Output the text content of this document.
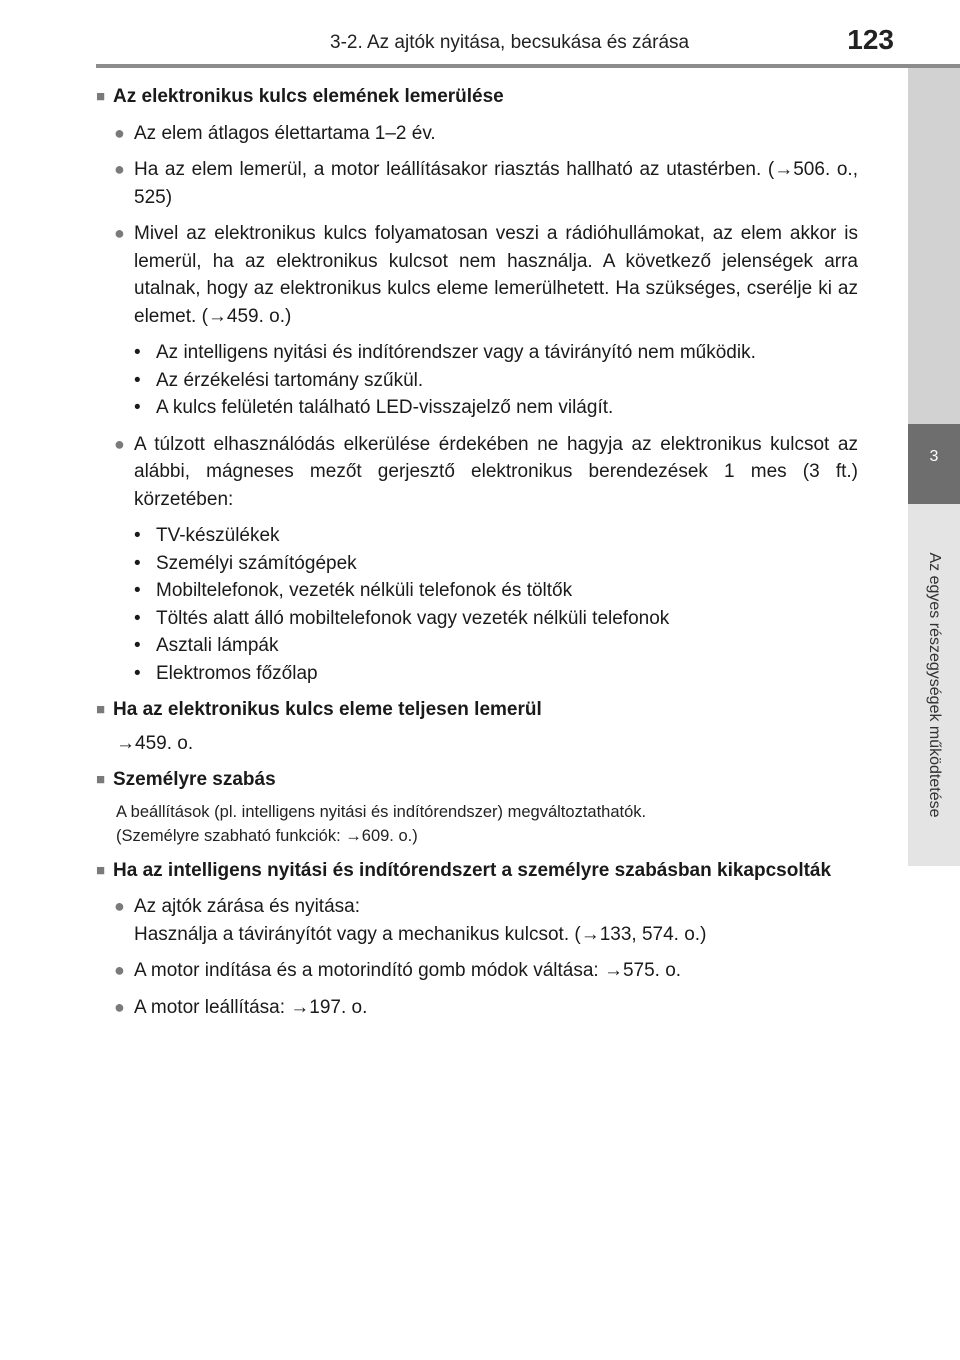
3-2. Az ajtók nyitása, becsukása és zárása	123
3
Az egyes részegységek működtetése
■ Az elektronikus kulcs elemének lemerülése
● Az elem átlagos élettartama 1–2 év.
● Ha az elem lemerül, a motor leállításakor riasztás hallható az utastérben. (→506. o., 525)
● Mivel az elektronikus kulcs folyamatosan veszi a rádióhullámokat, az elem akkor is lemerül, ha az elektronikus kulcsot nem használja. A következő jelenségek arra utalnak, hogy az elektronikus kulcs eleme lemerülhetett. Ha szükséges, cserélje ki az elemet. (→459. o.)
• Az intelligens nyitási és indítórendszer vagy a távirányító nem működik.
• Az érzékelési tartomány szűkül.
• A kulcs felületén található LED-visszajelző nem világít.
● A túlzott elhasználódás elkerülése érdekében ne hagyja az elektronikus kulcsot az alábbi, mágneses mezőt gerjesztő elektronikus berendezések 1 mes (3 ft.) körzetében:
• TV-készülékek
• Személyi számítógépek
• Mobiltelefonok, vezeték nélküli telefonok és töltők
• Töltés alatt álló mobiltelefonok vagy vezeték nélküli telefonok
• Asztali lámpák
• Elektromos főzőlap
■ Ha az elektronikus kulcs eleme teljesen lemerül
→459. o.
■ Személyre szabás
A beállítások (pl. intelligens nyitási és indítórendszer) megváltoztathatók.
(Személyre szabható funkciók: →609. o.)
■ Ha az intelligens nyitási és indítórendszert a személyre szabásban kikapcsolták
● Az ajtók zárása és nyitása:
Használja a távirányítót vagy a mechanikus kulcsot. (→133, 574. o.)
● A motor indítása és a motorindító gomb módok váltása: →575. o.
● A motor leállítása: →197. o.
